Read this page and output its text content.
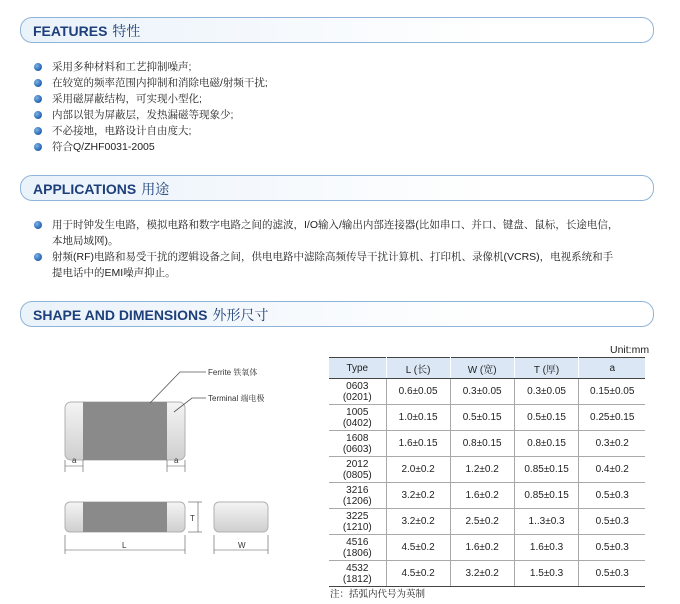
FEATURES 特性
采用多种材料和工艺抑制噪声;
在较宽的频率范围内抑制和消除电磁/射频干扰;
采用磁屏蔽结构，可实现小型化;
内部以银为屏蔽层，发热漏磁等现象少;
不必接地，电路设计自由度大;
符合Q/ZHF0031-2005
APPLICATIONS 用途
用于时钟发生电路，模拟电路和数字电路之间的滤波，I/O输入/输出内部连接器(比如串口、并口、键盘、鼠标，长途电信，本地局域网)。
射频(RF)电路和易受干扰的逻辑设备之间，供电电路中滤除高频传导干扰计算机、打印机、录像机(VCRS)，电视系统和手提电话中的EMI噪声抑止。
SHAPE AND DIMENSIONS 外形尺寸
Ferrite 铁氧体
Terminal 端电极
a	a
T
L	W
Unit:mm
Type	L (长)	W (宽)	T (厚)	a
0603
(0201)	0.6±0.05	0.3±0.05	0.3±0.05	0.15±0.05
1005
(0402)	1.0±0.15	0.5±0.15	0.5±0.15	0.25±0.15
1608
(0603)	1.6±0.15	0.8±0.15	0.8±0.15	0.3±0.2
2012
(0805)	2.0±0.2	1.2±0.2	0.85±0.15	0.4±0.2
3216
(1206)	3.2±0.2	1.6±0.2	0.85±0.15	0.5±0.3
3225
(1210)	3.2±0.2	2.5±0.2	1..3±0.3	0.5±0.3
4516
(1806)	4.5±0.2	1.6±0.2	1.6±0.3	0.5±0.3
4532
(1812)	4.5±0.2	3.2±0.2	1.5±0.3	0.5±0.3
注：括弧内代号为英制
